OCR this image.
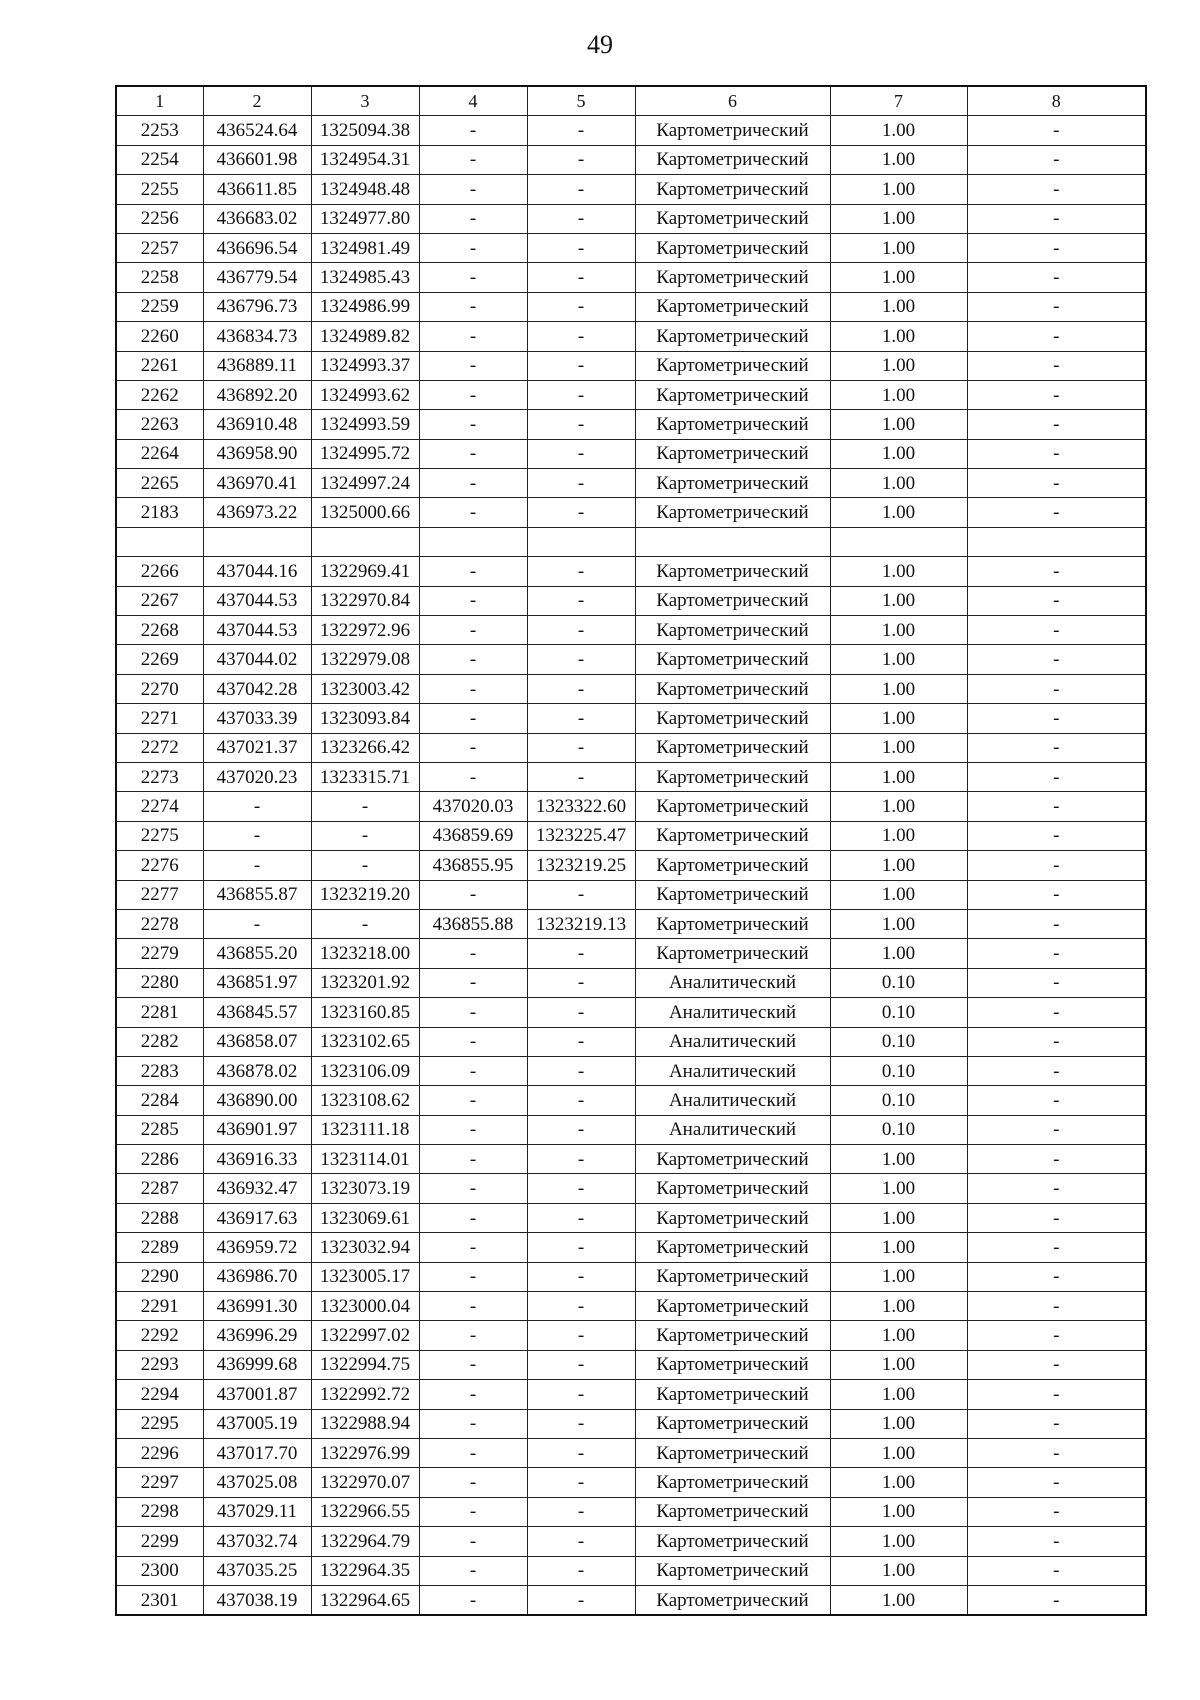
49
1	2	3	4	5	6	7	8
2253	436524.64	1325094.38	-	-	Картометрический	1.00	-
2254	436601.98	1324954.31	-	-	Картометрический	1.00	-
2255	436611.85	1324948.48	-	-	Картометрический	1.00	-
2256	436683.02	1324977.80	-	-	Картометрический	1.00	-
2257	436696.54	1324981.49	-	-	Картометрический	1.00	-
2258	436779.54	1324985.43	-	-	Картометрический	1.00	-
2259	436796.73	1324986.99	-	-	Картометрический	1.00	-
2260	436834.73	1324989.82	-	-	Картометрический	1.00	-
2261	436889.11	1324993.37	-	-	Картометрический	1.00	-
2262	436892.20	1324993.62	-	-	Картометрический	1.00	-
2263	436910.48	1324993.59	-	-	Картометрический	1.00	-
2264	436958.90	1324995.72	-	-	Картометрический	1.00	-
2265	436970.41	1324997.24	-	-	Картометрический	1.00	-
2183	436973.22	1325000.66	-	-	Картометрический	1.00	-

2266	437044.16	1322969.41	-	-	Картометрический	1.00	-
2267	437044.53	1322970.84	-	-	Картометрический	1.00	-
2268	437044.53	1322972.96	-	-	Картометрический	1.00	-
2269	437044.02	1322979.08	-	-	Картометрический	1.00	-
2270	437042.28	1323003.42	-	-	Картометрический	1.00	-
2271	437033.39	1323093.84	-	-	Картометрический	1.00	-
2272	437021.37	1323266.42	-	-	Картометрический	1.00	-
2273	437020.23	1323315.71	-	-	Картометрический	1.00	-
2274	-	-	437020.03	1323322.60	Картометрический	1.00	-
2275	-	-	436859.69	1323225.47	Картометрический	1.00	-
2276	-	-	436855.95	1323219.25	Картометрический	1.00	-
2277	436855.87	1323219.20	-	-	Картометрический	1.00	-
2278	-	-	436855.88	1323219.13	Картометрический	1.00	-
2279	436855.20	1323218.00	-	-	Картометрический	1.00	-
2280	436851.97	1323201.92	-	-	Аналитический	0.10	-
2281	436845.57	1323160.85	-	-	Аналитический	0.10	-
2282	436858.07	1323102.65	-	-	Аналитический	0.10	-
2283	436878.02	1323106.09	-	-	Аналитический	0.10	-
2284	436890.00	1323108.62	-	-	Аналитический	0.10	-
2285	436901.97	1323111.18	-	-	Аналитический	0.10	-
2286	436916.33	1323114.01	-	-	Картометрический	1.00	-
2287	436932.47	1323073.19	-	-	Картометрический	1.00	-
2288	436917.63	1323069.61	-	-	Картометрический	1.00	-
2289	436959.72	1323032.94	-	-	Картометрический	1.00	-
2290	436986.70	1323005.17	-	-	Картометрический	1.00	-
2291	436991.30	1323000.04	-	-	Картометрический	1.00	-
2292	436996.29	1322997.02	-	-	Картометрический	1.00	-
2293	436999.68	1322994.75	-	-	Картометрический	1.00	-
2294	437001.87	1322992.72	-	-	Картометрический	1.00	-
2295	437005.19	1322988.94	-	-	Картометрический	1.00	-
2296	437017.70	1322976.99	-	-	Картометрический	1.00	-
2297	437025.08	1322970.07	-	-	Картометрический	1.00	-
2298	437029.11	1322966.55	-	-	Картометрический	1.00	-
2299	437032.74	1322964.79	-	-	Картометрический	1.00	-
2300	437035.25	1322964.35	-	-	Картометрический	1.00	-
2301	437038.19	1322964.65	-	-	Картометрический	1.00	-
